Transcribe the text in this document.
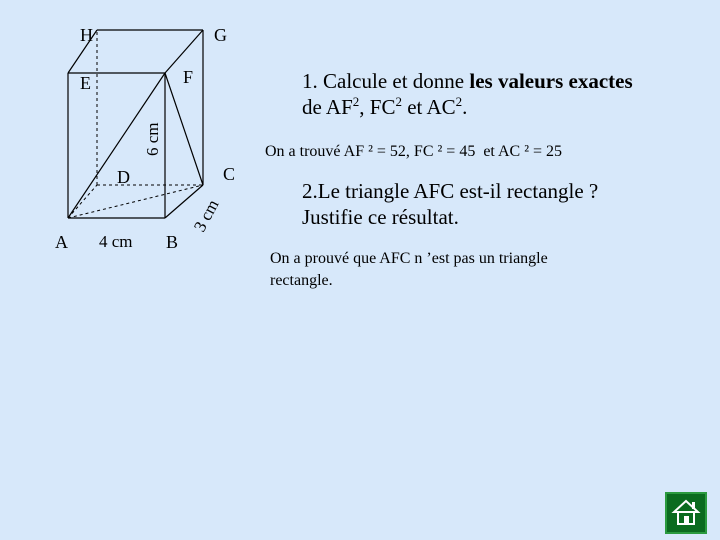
H	G
E	F
D	C
A	B
6 cm
4 cm
3 cm
1. Calcule et donne les valeurs exactes
de $AF^2$, $FC^2$ et $AC^2$.
On a trouvé AF ² = 52, FC ² = 45  et AC ² = 25
2.Le triangle AFC est-il rectangle ?
Justifie ce résultat.
On a prouvé que AFC n ’est pas un triangle
rectangle.
